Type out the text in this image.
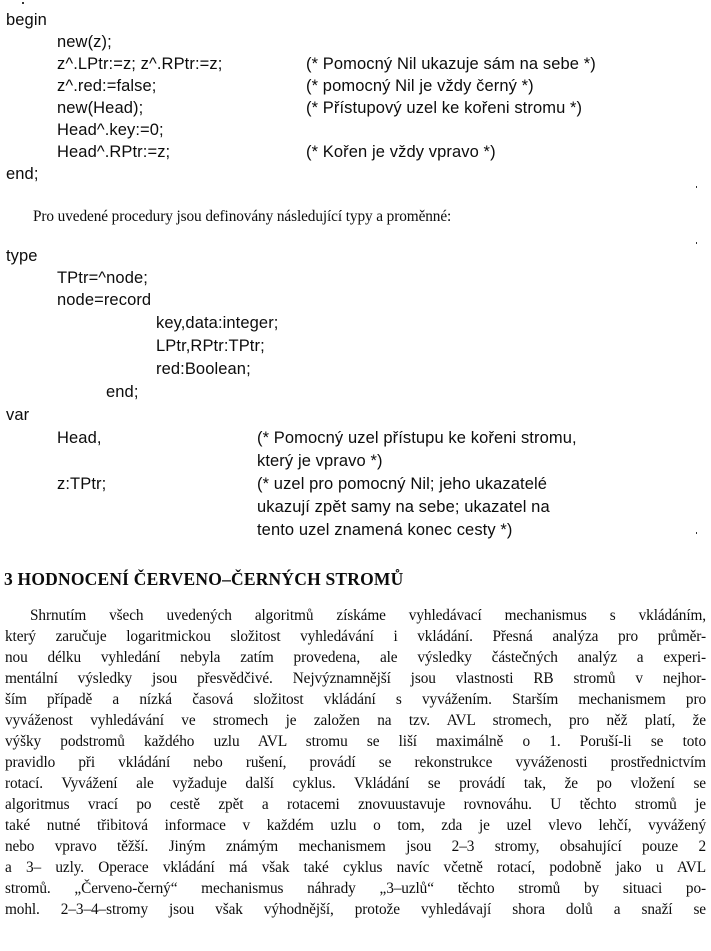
begin
new(z);
z^.LPtr:=z; z^.RPtr:=z;	(* Pomocný Nil ukazuje sám na sebe *)
z^.red:=false;	(* pomocný Nil je vždy černý *)
new(Head);	(* Přístupový uzel ke kořeni stromu *)
Head^.key:=0;
Head^.RPtr:=z;	(* Kořen je vždy vpravo *)
end;
Pro uvedené procedury jsou definovány následující typy a proměnné:
type
TPtr=^node;
node=record
key,data:integer;
LPtr,RPtr:TPtr;
red:Boolean;
end;
var
Head,	(* Pomocný uzel přístupu ke kořeni stromu,
který je vpravo *)
z:TPtr;	(* uzel pro pomocný Nil; jeho ukazatelé
ukazují zpět samy na sebe; ukazatel na
tento uzel znamená konec cesty *)
3 HODNOCENÍ ČERVENO–ČERNÝCH STROMŮ
Shrnutím všech uvedených algoritmů získáme vyhledávací mechanismus s vkládáním,
který zaručuje logaritmickou složitost vyhledávání i vkládání. Přesná analýza pro průměr-
nou délku vyhledání nebyla zatím provedena, ale výsledky částečných analýz a experi-
mentální výsledky jsou přesvědčivé. Nejvýznamnější jsou vlastnosti RB stromů v nejhor-
ším případě a nízká časová složitost vkládání s vyvážením. Starším mechanismem pro
vyváženost vyhledávání ve stromech je založen na tzv. AVL stromech, pro něž platí, že
výšky podstromů každého uzlu AVL stromu se liší maximálně o 1. Poruší-li se toto
pravidlo při vkládání nebo rušení, provádí se rekonstrukce vyváženosti prostřednictvím
rotací. Vyvážení ale vyžaduje další cyklus. Vkládání se provádí tak, že po vložení se
algoritmus vrací po cestě zpět a rotacemi znovuustavuje rovnováhu. U těchto stromů je
také nutné třibitová informace v každém uzlu o tom, zda je uzel vlevo lehčí, vyvážený
nebo vpravo těžší. Jiným známým mechanismem jsou 2–3 stromy, obsahující pouze 2
a 3– uzly. Operace vkládání má však také cyklus navíc včetně rotací, podobně jako u AVL
stromů. „Červeno-černý“ mechanismus náhrady „3–uzlů“ těchto stromů by situaci po-
mohl. 2–3–4–stromy jsou však výhodnější, protože vyhledávají shora dolů a snaží se
